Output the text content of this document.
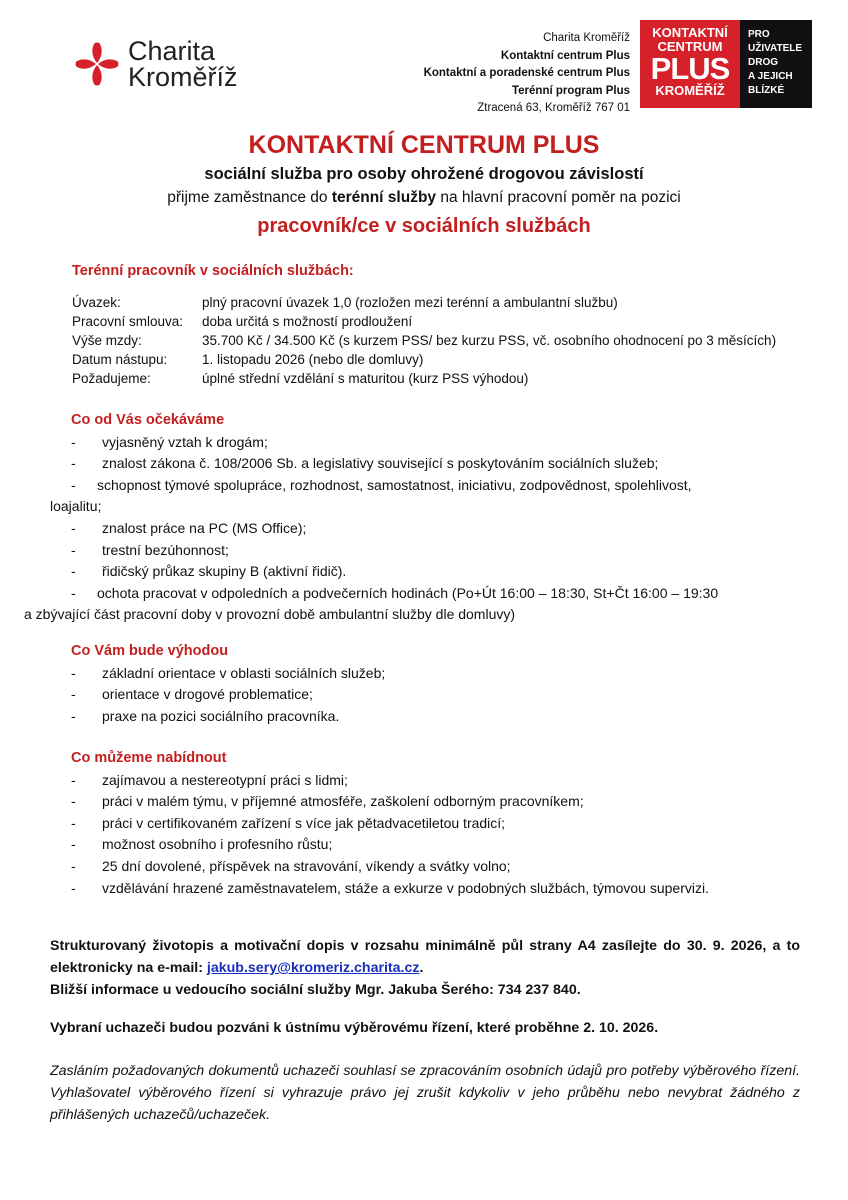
Charita
Kroměříž
Charita Kroměříž
Kontaktní centrum Plus
Kontaktní a poradenské centrum Plus
Terénní program Plus
Ztracená 63, Kroměříž 767 01
KONTAKTNÍ
CENTRUM
PLUS
KROMĚŘÍŽ
PRO
UŽIVATELE
DROG
A JEJICH
BLÍZKÉ
KONTAKTNÍ CENTRUM PLUS
sociální služba pro osoby ohrožené drogovou závislostí
přijme zaměstnance do terénní služby na hlavní pracovní poměr na pozici
pracovník/ce v sociálních službách
Terénní pracovník v sociálních službách:
Úvazek:	plný pracovní úvazek 1,0 (rozložen mezi terénní a ambulantní službu)
Pracovní smlouva:	doba určitá s možností prodloužení
Výše mzdy:	35.700 Kč / 34.500 Kč (s kurzem PSS/ bez kurzu PSS, vč. osobního ohodnocení po 3 měsících)
Datum nástupu:	1. listopadu 2026 (nebo dle domluvy)
Požadujeme:	úplné střední vzdělání s maturitou (kurz PSS výhodou)
Co od Vás očekáváme
-	vyjasněný vztah k drogám;
-	znalost zákona č. 108/2006 Sb. a legislativy související s poskytováním sociálních služeb;
-	schopnost týmové spolupráce, rozhodnost, samostatnost, iniciativu, zodpovědnost, spolehlivost,
loajalitu;
-	znalost práce na PC (MS Office);
-	trestní bezúhonnost;
-	řidičský průkaz skupiny B (aktivní řidič).
-	ochota pracovat v odpoledních a podvečerních hodinách (Po+Út 16:00 – 18:30, St+Čt 16:00 – 19:30
a zbývající část pracovní doby v provozní době ambulantní služby dle domluvy)
Co Vám bude výhodou
-	základní orientace v oblasti sociálních služeb;
-	orientace v drogové problematice;
-	praxe na pozici sociálního pracovníka.
Co můžeme nabídnout
-	zajímavou a nestereotypní práci s lidmi;
-	práci v malém týmu, v příjemné atmosféře, zaškolení odborným pracovníkem;
-	práci v certifikovaném zařízení s více jak pětadvacetiletou tradicí;
-	možnost osobního i profesního růstu;
-	25 dní dovolené, příspěvek na stravování, víkendy a svátky volno;
-	vzdělávání hrazené zaměstnavatelem, stáže a exkurze v podobných službách, týmovou supervizi.
Strukturovaný životopis a motivační dopis v rozsahu minimálně půl strany A4 zasílejte do 30. 9. 2026, a to elektronicky na e-mail: jakub.sery@kromeriz.charita.cz.
Bližší informace u vedoucího sociální služby Mgr. Jakuba Šerého: 734 237 840.
Vybraní uchazeči budou pozváni k ústnímu výběrovému řízení, které proběhne 2. 10. 2026.
Zasláním požadovaných dokumentů uchazeči souhlasí se zpracováním osobních údajů pro potřeby výběrového řízení. Vyhlašovatel výběrového řízení si vyhrazuje právo jej zrušit kdykoliv v jeho průběhu nebo nevybrat žádného z přihlášených uchazečů/uchazeček.
